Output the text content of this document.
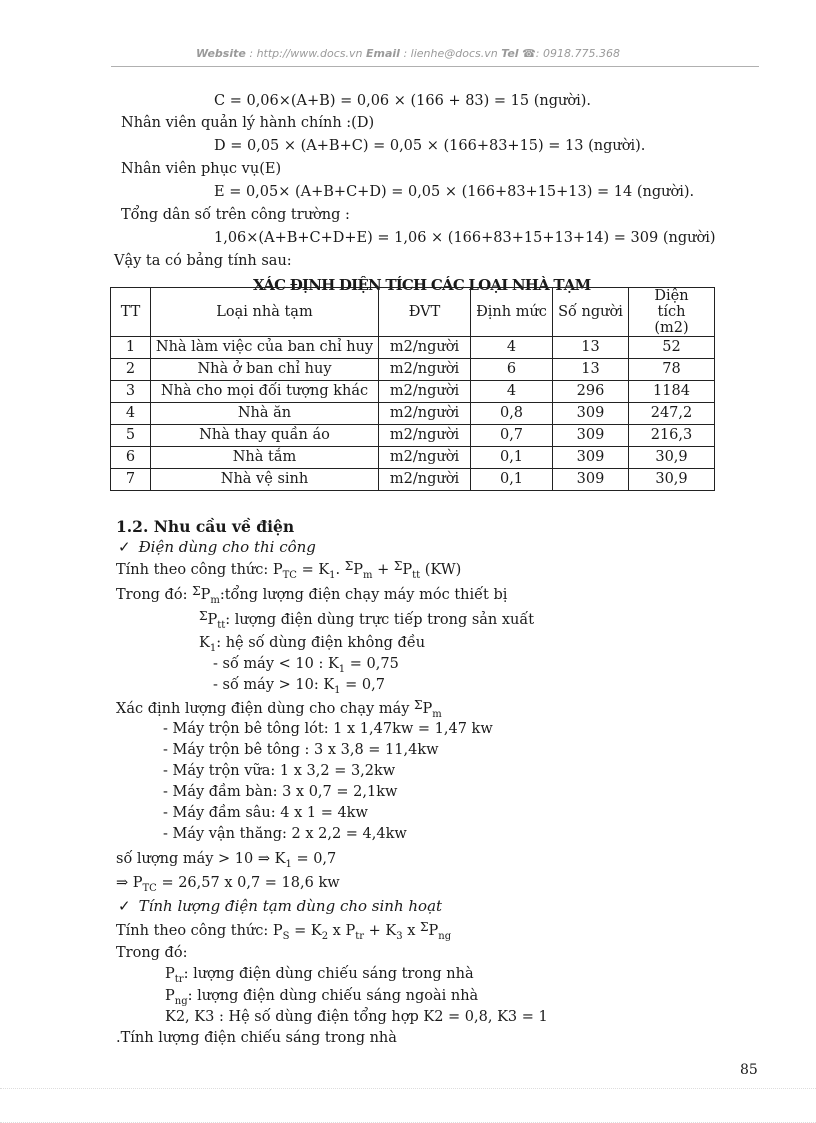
Website : http://www.docs.vn Email : lienhe@docs.vn Tel ☎: 0918.775.368
C = 0,06×(A+B) = 0,06 × (166 + 83) = 15 (người).
Nhân viên quản lý hành chính :(D)
D = 0,05 × (A+B+C) = 0,05 × (166+83+15) = 13 (người).
Nhân viên phục vụ(E)
E = 0,05× (A+B+C+D) = 0,05 × (166+83+15+13) = 14 (người).
Tổng dân số trên công trường :
1,06×(A+B+C+D+E) = 1,06 × (166+83+15+13+14) = 309 (người)
Vậy ta có bảng tính sau:
XÁC ĐỊNH DIỆN TÍCH CÁC LOẠI NHÀ TẠM
TT	Loại nhà tạm	ĐVT	Định mức	Số người	Diện tích (m2)
1	Nhà làm việc của ban chỉ huy	m2/người	4	13	52
2	Nhà ở ban chỉ huy	m2/người	6	13	78
3	Nhà cho mọi đối tượng khác	m2/người	4	296	1184
4	Nhà ăn	m2/người	0,8	309	247,2
5	Nhà thay quần áo	m2/người	0,7	309	216,3
6	Nhà tắm	m2/người	0,1	309	30,9
7	Nhà vệ sinh	m2/người	0,1	309	30,9
1.2. Nhu cầu về điện
✓ Điện dùng cho thi công
Tính theo công thức: $P_{TC} = K_1$. $^\Sigma P_m + ^\Sigma P_{tt}$ (KW)
Trong đó: $^\Sigma P_m:tổng$ lượng điện chạy máy móc thiết bị
$^\Sigma P_{tt}$: lượng điện dùng trực tiếp trong sản xuất
$K_1$: hệ số dùng điện không đều
- số máy < 10 : $K_1 = 0,75$
- số máy > 10: $K_1 = 0,7$
Xác định lượng điện dùng cho chạy máy $^\Sigma P_m$
- Máy trộn bê tông lót: 1 x 1,47kw = 1,47 kw
- Máy trộn bê tông : 3 x 3,8 = 11,4kw
- Máy trộn vữa: 1 x 3,2 = 3,2kw
- Máy đầm bàn: 3 x 0,7 = 2,1kw
- Máy đầm sâu: 4 x 1 = 4kw
- Máy vận thăng: 2 x 2,2 = 4,4kw
số lượng máy > 10 ⇒ $K_1 = 0,7$
⇒ $P_{TC} = 26,57$ x 0,7 = 18,6 kw
✓ Tính lượng điện tạm dùng cho sinh hoạt
Tính theo công thức: $P_S = K_2$ x $P_{tr} + K_3$ x $^\Sigma P_{ng}$
Trong đó:
$P_{tr}$: lượng điện dùng chiếu sáng trong nhà
$P_{ng}$: lượng điện dùng chiếu sáng ngoài nhà
K2, K3 : Hệ số dùng điện tổng hợp K2 = 0,8, K3 = 1
.Tính lượng điện chiếu sáng trong nhà
85
